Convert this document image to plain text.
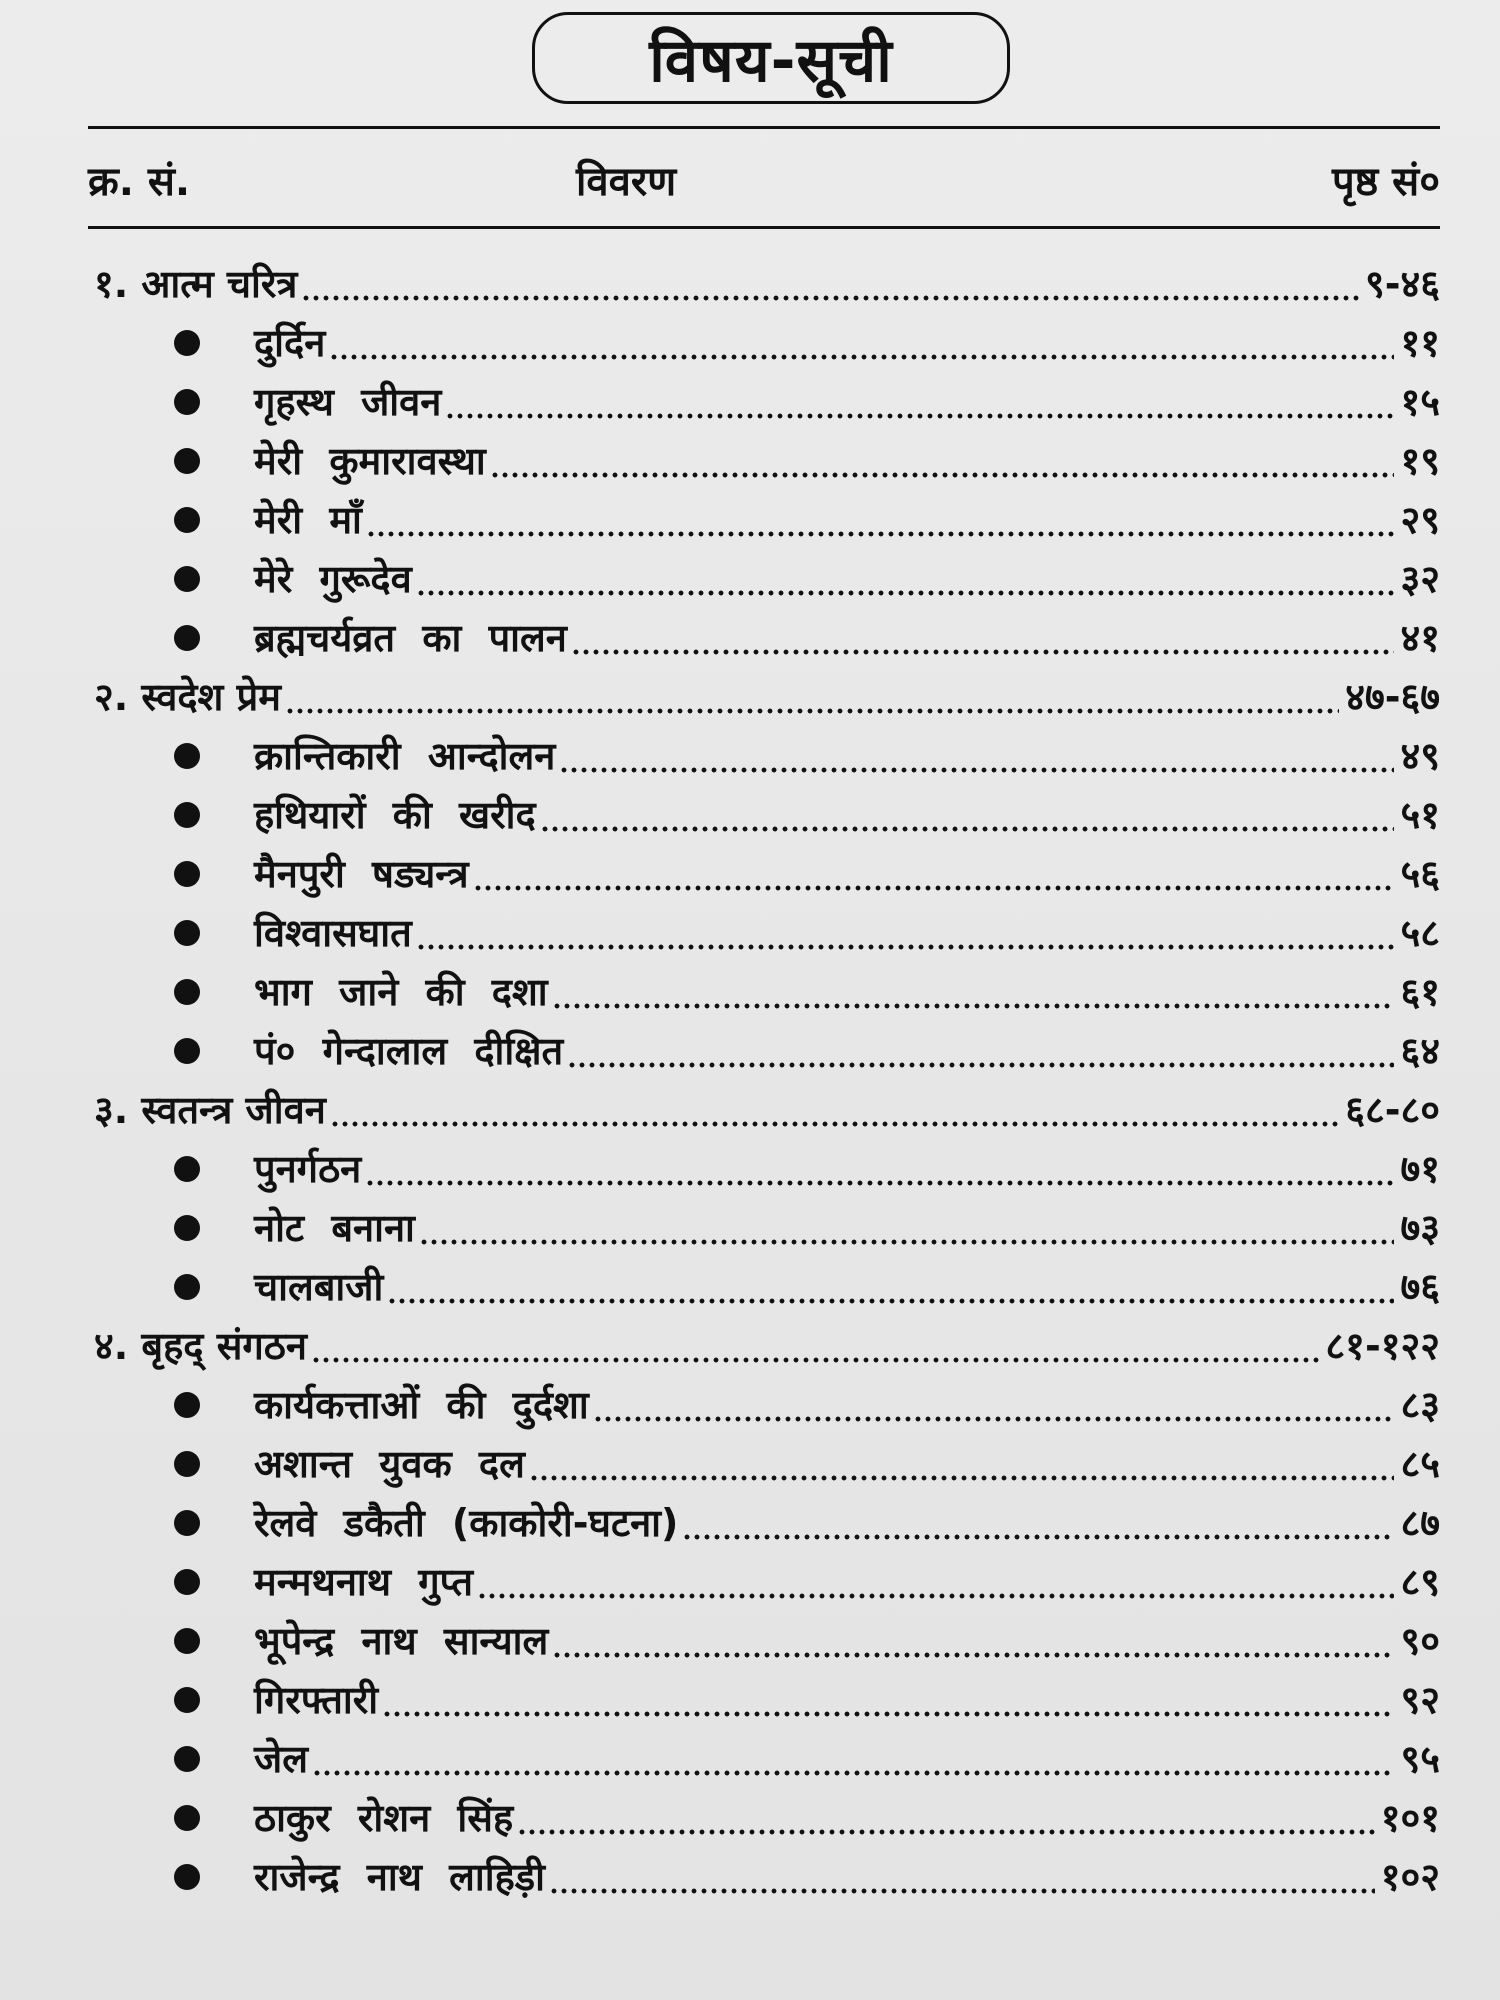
विषय-सूची
क्र. सं.	विवरण	पृष्ठ सं०
१. आत्म चरित्र	९-४६
दुर्दिन	११
गृहस्थ जीवन	१५
मेरी कुमारावस्था	१९
मेरी माँ	२९
मेरे गुरूदेव	३२
ब्रह्मचर्यव्रत का पालन	४१
२. स्वदेश प्रेम	४७-६७
क्रान्तिकारी आन्दोलन	४९
हथियारों की खरीद	५१
मैनपुरी षड्यन्त्र	५६
विश्वासघात	५८
भाग जाने की दशा	६१
पं० गेन्दालाल दीक्षित	६४
३. स्वतन्त्र जीवन	६८-८०
पुनर्गठन	७१
नोट बनाना	७३
चालबाजी	७६
४. बृहद् संगठन	८१-१२२
कार्यकत्ताओं की दुर्दशा	८३
अशान्त युवक दल	८५
रेलवे डकैती (काकोरी-घटना)	८७
मन्मथनाथ गुप्त	८९
भूपेन्द्र नाथ सान्याल	९०
गिरफ्तारी	९२
जेल	९५
ठाकुर रोशन सिंह	१०१
राजेन्द्र नाथ लाहिड़ी	१०२
